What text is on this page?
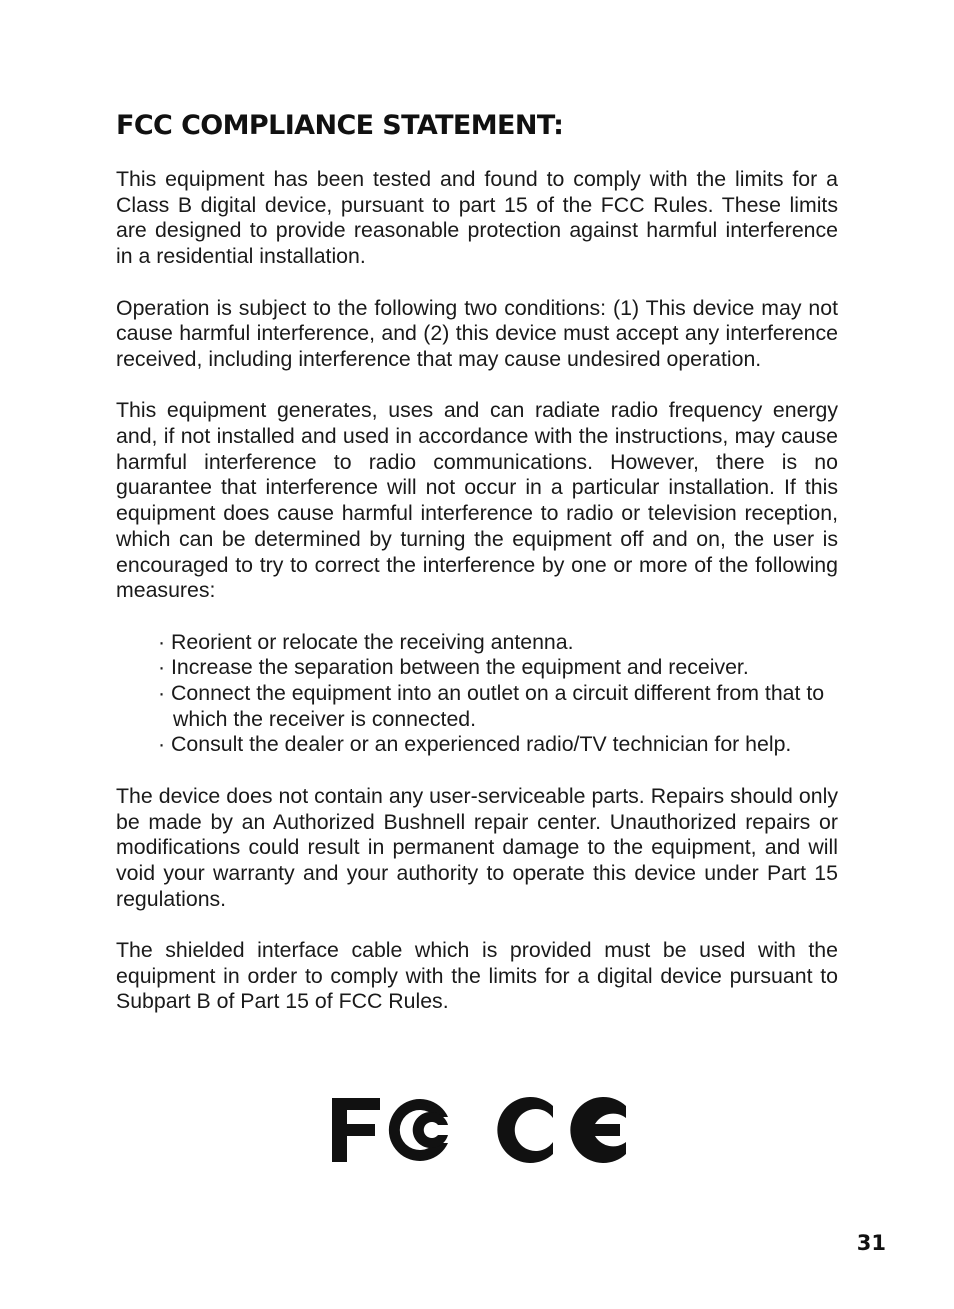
FCC COMPLIANCE STATEMENT:

This equipment has been tested and found to comply with the limits for a Class B digital device, pursuant to part 15 of the FCC Rules. These limits are designed to provide reasonable protection against harmful interference in a residential installation.

Operation is subject to the following two conditions: (1) This device may not cause harmful interference, and (2) this device must accept any interference received, including interference that may cause undesired operation.

This equipment generates, uses and can radiate radio frequency energy and, if not installed and used in accordance with the instructions, may cause harmful interference to radio communications. However, there is no guarantee that interference will not occur in a particular installation. If this equipment does cause harmful interference to radio or television reception, which can be determined by turning the equipment off and on, the user is encouraged to try to correct the interference by one or more of the following measures:

· Reorient or relocate the receiving antenna.
· Increase the separation between the equipment and receiver.
· Connect the equipment into an outlet on a circuit different from that to which the receiver is connected.
· Consult the dealer or an experienced radio/TV technician for help.

The device does not contain any user-serviceable parts. Repairs should only be made by an Authorized Bushnell repair center. Unauthorized repairs or modifications could result in permanent damage to the equipment, and will void your warranty and your authority to operate this device under Part 15 regulations.

The shielded interface cable which is provided must be used with the equipment in order to comply with the limits for a digital device pursuant to Subpart B of Part 15 of FCC Rules.

31
